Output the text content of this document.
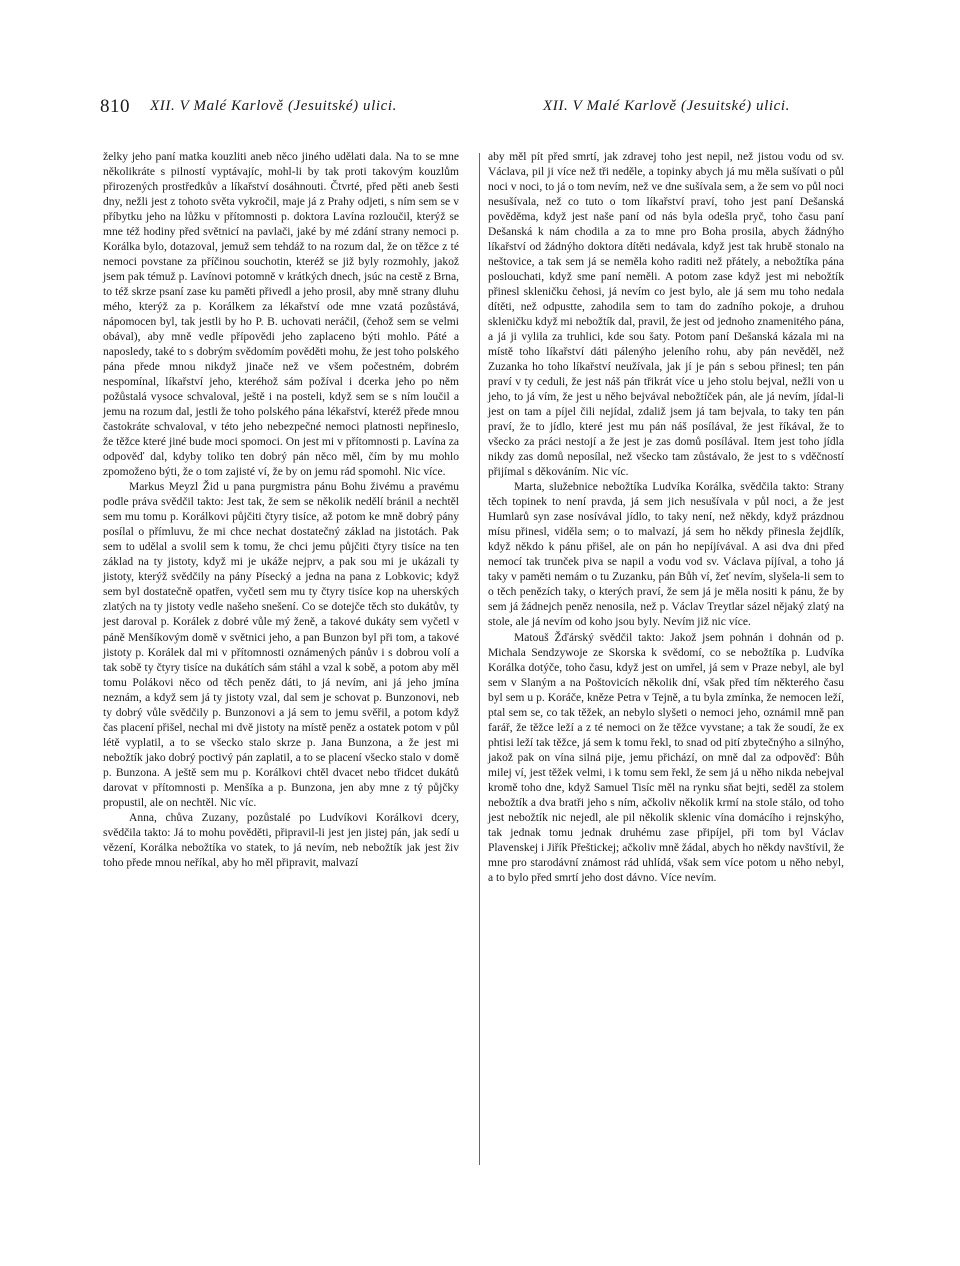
810 XII. V Malé Karlově (Jesuitské) ulici.	XII. V Malé Karlově (Jesuitské) ulici.

želky jeho paní matka kouzliti aneb něco jiného udělati dala. Na to se mne několikráte s pilností vyptávajíc, mohl-li by tak proti takovým kouzlům přirozených prostředkův a líkařství dosáhnouti. Čtvrté, před pěti aneb šesti dny, nežli jest z tohoto světa vykročil, maje já z Prahy odjeti, s ním sem se v příbytku jeho na lůžku v přítomnosti p. doktora Lavína rozloučil, kterýž se mne též hodiny před světnicí na pavlači, jaké by mé zdání strany nemoci p. Korálka bylo, dotazoval, jemuž sem tehdáž to na rozum dal, že on těžce z té nemoci povstane za příčinou souchotin, kteréž se již byly rozmohly, jakož jsem pak témuž p. Lavínovi potomně v krátkých dnech, jsúc na cestě z Brna, to též skrze psaní zase ku paměti přivedl a jeho prosil, aby mně strany dluhu mého, kterýž za p. Korálkem za lékařství ode mne vzatá pozůstává, nápomocen byl, tak jestli by ho P. B. uchovati neráčil, (čehož sem se velmi obával), aby mně vedle přípovědi jeho zaplaceno býti mohlo. Páté a naposledy, také to s dobrým svědomím pověděti mohu, že jest toho polského pána přede mnou nikdyž jinače než ve všem počestném, dobrém nespomínal, líkařství jeho, kteréhož sám požíval i dcerka jeho po něm požůstalá vysoce schvaloval, ještě i na posteli, když sem se s ním loučil a jemu na rozum dal, jestli že toho polského pána lékařství, kteréž přede mnou častokráte schvaloval, v této jeho nebezpečné nemoci platnosti nepřineslo, že těžce které jiné bude moci spomoci. On jest mi v přítomnosti p. Lavína za odpověď dal, kdyby toliko ten dobrý pán něco měl, čím by mu mohlo zpomoženo býti, že o tom zajisté ví, že by on jemu rád spomohl. Nic více.

Markus Meyzl Žid u pana purgmistra pánu Bohu živému a pravému podle práva svědčil takto: Jest tak, že sem se několik nedělí bránil a nechtěl sem mu tomu p. Korálkovi půjčiti čtyry tisíce, až potom ke mně dobrý pány posílal o přímluvu, že mi chce nechat dostatečný základ na jistotách. Pak sem to udělal a svolil sem k tomu, že chci jemu půjčiti čtyry tisíce na ten základ na ty jistoty, když mi je ukáže nejprv, a pak sou mi je ukázali ty jistoty, kterýž svědčily na pány Písecký a jedna na pana z Lobkovic; když sem byl dostatečně opatřen, vyčetl sem mu ty čtyry tisíce kop na uherských zlatých na ty jistoty vedle našeho snešení. Co se dotejče těch sto dukátův, ty jest daroval p. Korálek z dobré vůle mý ženě, a takové dukáty sem vyčetl v páně Menšíkovým domě v světnici jeho, a pan Bunzon byl při tom, a takové jistoty p. Korálek dal mi v přítomnosti oznámených pánův i s dobrou volí a tak sobě ty čtyry tisíce na dukátích sám stáhl a vzal k sobě, a potom aby měl tomu Polákovi něco od těch peněz dáti, to já nevím, ani já jeho jmína neznám, a když sem já ty jistoty vzal, dal sem je schovat p. Bunzonovi, neb ty dobrý vůle svědčily p. Bunzonovi a já sem to jemu svěřil, a potom když čas placení přišel, nechal mi dvě jistoty na místě peněz a ostatek potom v půl létě vyplatil, a to se všecko stalo skrze p. Jana Bunzona, a že jest mi nebožtík jako dobrý poctivý pán zaplatil, a to se placení všecko stalo v domě p. Bunzona. A ještě sem mu p. Korálkovi chtěl dvacet nebo třidcet dukátů darovat v přítomnosti p. Menšíka a p. Bunzona, jen aby mne z tý půjčky propustil, ale on nechtěl. Nic víc.

Anna, chůva Zuzany, pozůstalé po Ludvíkovi Korálkovi dcery, svědčila takto: Já to mohu pověděti, připravil-li jest jen jistej pán, jak sedí u vězení, Korálka nebožtíka vo statek, to já nevím, neb nebožtík jak jest živ toho přede mnou neříkal, aby ho měl připravit, malvazí

aby měl pít před smrtí, jak zdravej toho jest nepil, než jistou vodu od sv. Václava, pil ji více než tři neděle, a topinky abych já mu měla sušívati o půl noci v noci, to já o tom nevím, než ve dne sušívala sem, a že sem vo půl noci nesušívala, než co tuto o tom líkařství praví, toho jest paní Dešanská pověděma, když jest naše paní od nás byla odešla pryč, toho času paní Dešanská k nám chodila a za to mne pro Boha prosila, abych žádnýho líkařství od žádnýho doktora dítěti nedávala, když jest tak hrubě stonalo na neštovice, a tak sem já se neměla koho raditi než přátely, a nebožtíka pána poslouchati, když sme paní neměli. A potom zase když jest mi nebožtík přinesl skleničku čehosi, já nevím co jest bylo, ale já sem mu toho nedala dítěti, než odpustte, zahodila sem to tam do zadního pokoje, a druhou skleničku když mi nebožtík dal, pravil, že jest od jednoho znamenitého pána, a já ji vylila za truhlici, kde sou šaty. Potom paní Dešanská kázala mi na místě toho líkařství dáti pálenýho jeleního rohu, aby pán nevěděl, než Zuzanka ho toho líkařství neužívala, jak jí je pán s sebou přinesl; ten pán praví v ty ceduli, že jest náš pán třikrát více u jeho stolu bejval, nežli von u jeho, to já vím, že jest u něho bejvával nebožtíček pán, ale já nevím, jídal-li jest on tam a píjel čili nejídal, zdaliž jsem já tam bejvala, to taky ten pán praví, že to jídlo, které jest mu pán náš posílával, že jest říkával, že to všecko za práci nestojí a že jest je zas domů posílával. Item jest toho jídla nikdy zas domů neposílal, než všecko tam zůstávalo, že jest to s vděčností přijímal s děkováním. Nic víc.

Marta, služebnice nebožtíka Ludvíka Korálka, svědčila takto: Strany těch topinek to není pravda, já sem jich nesušívala v půl noci, a že jest Humlarů syn zase nosívával jídlo, to taky není, než někdy, když prázdnou mísu přinesl, viděla sem; o to malvazí, já sem ho někdy přinesla žejdlík, když někdo k pánu přišel, ale on pán ho nepíjívával. A asi dva dni před nemocí tak trunček piva se napil a vodu vod sv. Václava píjíval, a toho já taky v paměti nemám o tu Zuzanku, pán Bůh ví, žeť nevím, slyšela-li sem to o těch penězích taky, o kterých praví, že sem já je měla nositi k pánu, že by sem já žádnejch peněz nenosila, než p. Václav Treytlar sázel nějaký zlatý na stole, ale já nevím od koho jsou byly. Nevím již nic více.

Matouš Žďárský svědčil takto: Jakož jsem pohnán i dohnán od p. Michala Sendzywoje ze Skorska k svědomí, co se nebožtíka p. Ludvíka Korálka dotýče, toho času, když jest on umřel, já sem v Praze nebyl, ale byl sem v Slaným a na Poštovicích několik dní, však před tím některého času byl sem u p. Koráče, kněze Petra v Tejně, a tu byla zmínka, že nemocen leží, ptal sem se, co tak těžek, an nebylo slyšeti o nemoci jeho, oznámil mně pan farář, že těžce leží a z té nemoci on že těžce vyvstane; a tak že soudí, že ex phtisi leží tak těžce, já sem k tomu řekl, to snad od pití zbytečnýho a silnýho, jakož pak on vína silná pije, jemu přichází, on mně dal za odpověď: Bůh milej ví, jest těžek velmi, i k tomu sem řekl, že sem já u něho nikda nebejval kromě toho dne, když Samuel Tisíc měl na rynku sňat bejti, seděl za stolem nebožtík a dva bratři jeho s ním, ačkoliv několik krmí na stole stálo, od toho jest nebožtík nic nejedl, ale pil několik sklenic vína domácího i rejnskýho, tak jednak tomu jednak druhému zase připíjel, při tom byl Václav Plavenskej i Jiřík Přeštickej; ačkoliv mně žádal, abych ho někdy navštívil, že mne pro starodávní známost rád uhlídá, však sem více potom u něho nebyl, a to bylo před smrtí jeho dost dávno. Více nevím.
